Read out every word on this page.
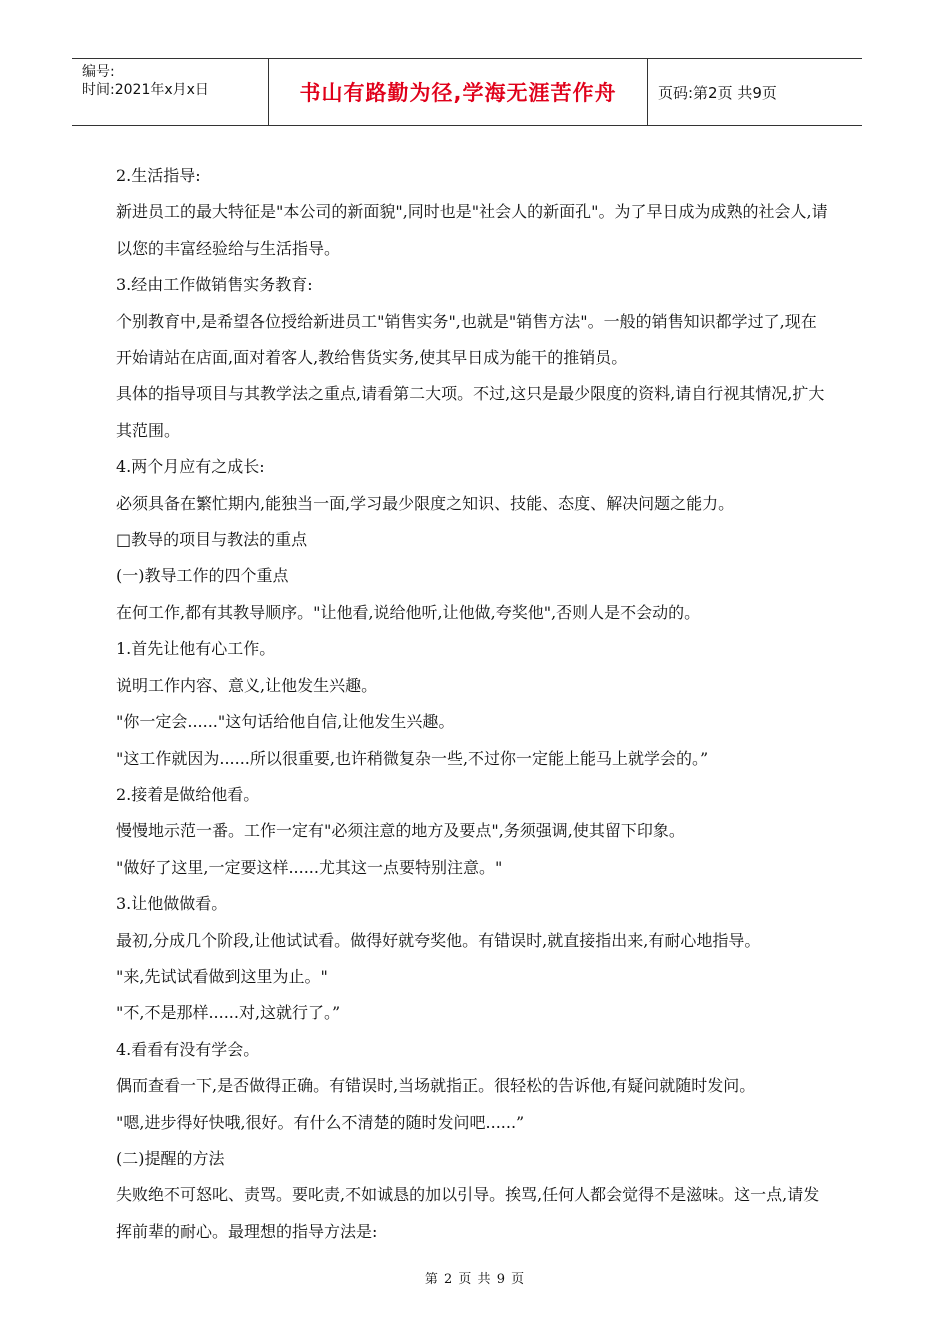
编号:
时间:2021年x月x日	书山有路勤为径,学海无涯苦作舟	页码:第2页 共9页

2.生活指导:

新进员工的最大特征是"本公司的新面貌",同时也是"社会人的新面孔"。为了早日成为成熟的社会人,请以您的丰富经验给与生活指导。

3.经由工作做销售实务教育:

个别教育中,是希望各位授给新进员工"销售实务",也就是"销售方法"。一般的销售知识都学过了,现在开始请站在店面,面对着客人,教给售货实务,使其早日成为能干的推销员。

具体的指导项目与其教学法之重点,请看第二大项。不过,这只是最少限度的资料,请自行视其情况,扩大其范围。

4.两个月应有之成长:

必须具备在繁忙期内,能独当一面,学习最少限度之知识、技能、态度、解决问题之能力。

□教导的项目与教法的重点

(一)教导工作的四个重点

在何工作,都有其教导顺序。"让他看,说给他听,让他做,夸奖他",否则人是不会动的。

1.首先让他有心工作。

说明工作内容、意义,让他发生兴趣。

"你一定会......"这句话给他自信,让他发生兴趣。

"这工作就因为......所以很重要,也许稍微复杂一些,不过你一定能上能马上就学会的。”

2.接着是做给他看。

慢慢地示范一番。工作一定有"必须注意的地方及要点",务须强调,使其留下印象。

"做好了这里,一定要这样......尤其这一点要特别注意。"

3.让他做做看。

最初,分成几个阶段,让他试试看。做得好就夸奖他。有错误时,就直接指出来,有耐心地指导。

"来,先试试看做到这里为止。"

"不,不是那样......对,这就行了。”

4.看看有没有学会。

偶而查看一下,是否做得正确。有错误时,当场就指正。很轻松的告诉他,有疑问就随时发问。

"嗯,进步得好快哦,很好。有什么不清楚的随时发问吧......”

(二)提醒的方法

失败绝不可怒叱、责骂。要叱责,不如诚恳的加以引导。挨骂,任何人都会觉得不是滋味。这一点,请发挥前辈的耐心。最理想的指导方法是:

第 2 页 共 9 页
